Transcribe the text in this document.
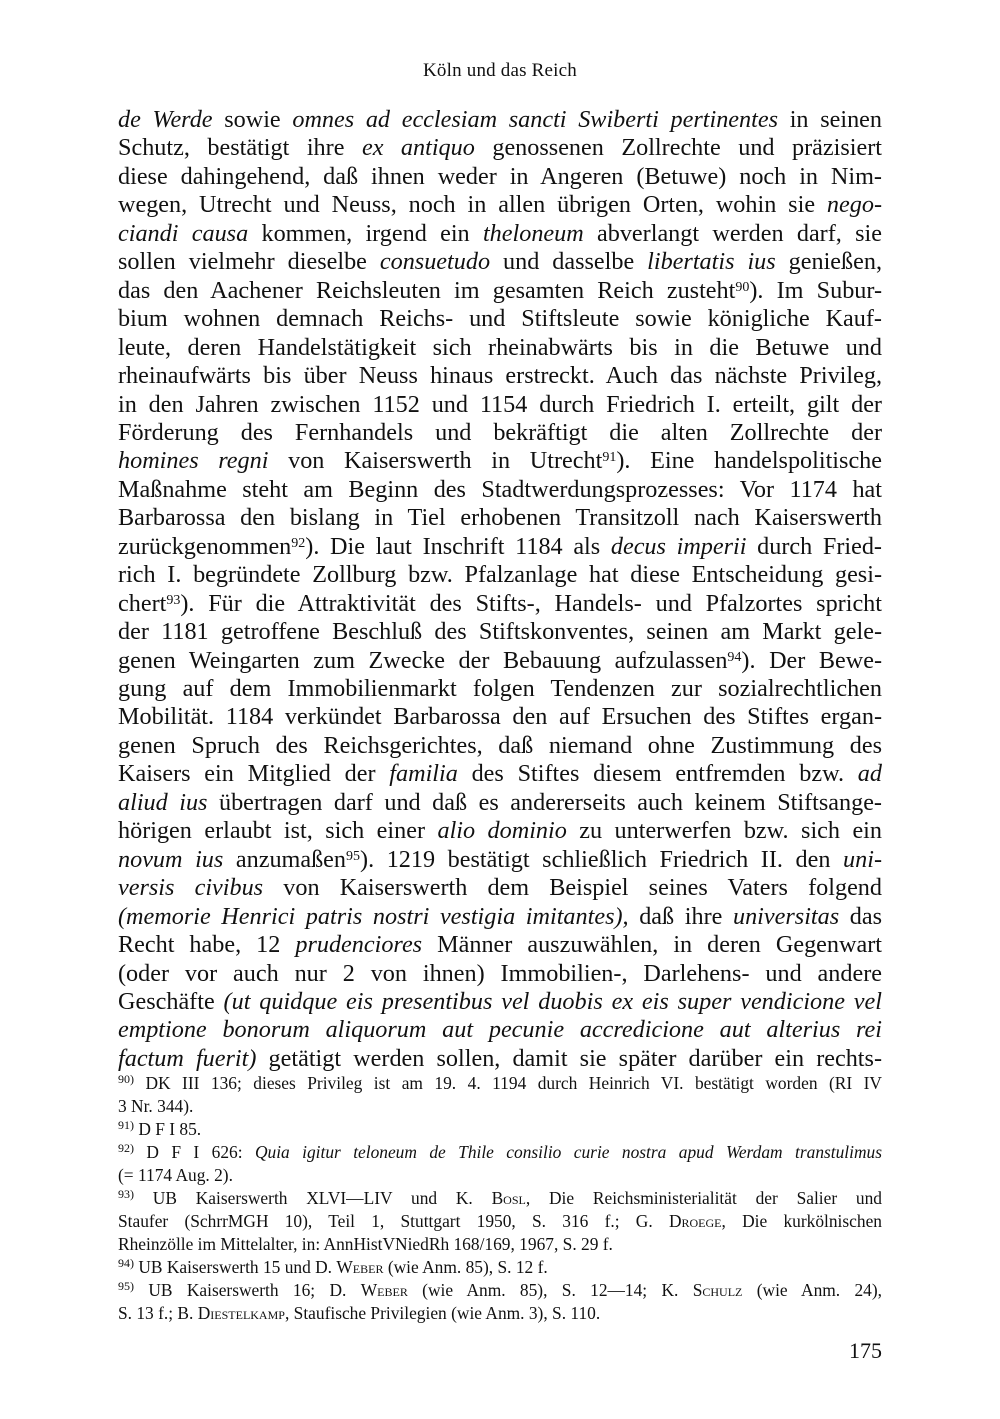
Köln und das Reich
de Werde sowie omnes ad ecclesiam sancti Swiberti pertinentes in seinen
Schutz, bestätigt ihre ex antiquo genossenen Zollrechte und präzisiert
diese dahingehend, daß ihnen weder in Angeren (Betuwe) noch in Nim-
wegen, Utrecht und Neuss, noch in allen übrigen Orten, wohin sie nego-
ciandi causa kommen, irgend ein theloneum abverlangt werden darf, sie
sollen vielmehr dieselbe consuetudo und dasselbe libertatis ius genießen,
das den Aachener Reichsleuten im gesamten Reich zusteht$^{90}$). Im Subur-
bium wohnen demnach Reichs- und Stiftsleute sowie königliche Kauf-
leute, deren Handelstätigkeit sich rheinabwärts bis in die Betuwe und
rheinaufwärts bis über Neuss hinaus erstreckt. Auch das nächste Privileg,
in den Jahren zwischen 1152 und 1154 durch Friedrich I. erteilt, gilt der
Förderung des Fernhandels und bekräftigt die alten Zollrechte der
homines regni von Kaiserswerth in Utrecht$^{91}$). Eine handelspolitische
Maßnahme steht am Beginn des Stadtwerdungsprozesses: Vor 1174 hat
Barbarossa den bislang in Tiel erhobenen Transitzoll nach Kaiserswerth
zurückgenommen$^{92}$). Die laut Inschrift 1184 als decus imperii durch Fried-
rich I. begründete Zollburg bzw. Pfalzanlage hat diese Entscheidung gesi-
chert$^{93}$). Für die Attraktivität des Stifts-, Handels- und Pfalzortes spricht
der 1181 getroffene Beschluß des Stiftskonventes, seinen am Markt gele-
genen Weingarten zum Zwecke der Bebauung aufzulassen$^{94}$). Der Bewe-
gung auf dem Immobilienmarkt folgen Tendenzen zur sozialrechtlichen
Mobilität. 1184 verkündet Barbarossa den auf Ersuchen des Stiftes ergan-
genen Spruch des Reichsgerichtes, daß niemand ohne Zustimmung des
Kaisers ein Mitglied der familia des Stiftes diesem entfremden bzw. ad
aliud ius übertragen darf und daß es andererseits auch keinem Stiftsange-
hörigen erlaubt ist, sich einer alio dominio zu unterwerfen bzw. sich ein
novum ius anzumaßen$^{95}$). 1219 bestätigt schließlich Friedrich II. den uni-
versis civibus von Kaiserswerth dem Beispiel seines Vaters folgend
(memorie Henrici patris nostri vestigia imitantes), daß ihre universitas das
Recht habe, 12 prudenciores Männer auszuwählen, in deren Gegenwart
(oder vor auch nur 2 von ihnen) Immobilien-, Darlehens- und andere
Geschäfte (ut quidque eis presentibus vel duobis ex eis super vendicione vel
emptione bonorum aliquorum aut pecunie accredicione aut alterius rei
factum fuerit) getätigt werden sollen, damit sie später darüber ein rechts-
$^{90)}$ DK III 136; dieses Privileg ist am 19. 4. 1194 durch Heinrich VI. bestätigt worden (RI IV
3 Nr. 344).
$^{91)}$ D F I 85.
$^{92)}$ D F I 626: Quia igitur teloneum de Thile consilio curie nostra apud Werdam transtulimus
(= 1174 Aug. 2).
$^{93)}$ UB Kaiserswerth XLVI—LIV und K. Bosl, Die Reichsministerialität der Salier und
Staufer (SchrrMGH 10), Teil 1, Stuttgart 1950, S. 316 f.; G. Droege, Die kurkölnischen
Rheinzölle im Mittelalter, in: AnnHistVNiedRh 168/169, 1967, S. 29 f.
$^{94)}$ UB Kaiserswerth 15 und D. Weber (wie Anm. 85), S. 12 f.
$^{95)}$ UB Kaiserswerth 16; D. Weber (wie Anm. 85), S. 12—14; K. Schulz (wie Anm. 24),
S. 13 f.; B. Diestelkamp, Staufische Privilegien (wie Anm. 3), S. 110.
175
